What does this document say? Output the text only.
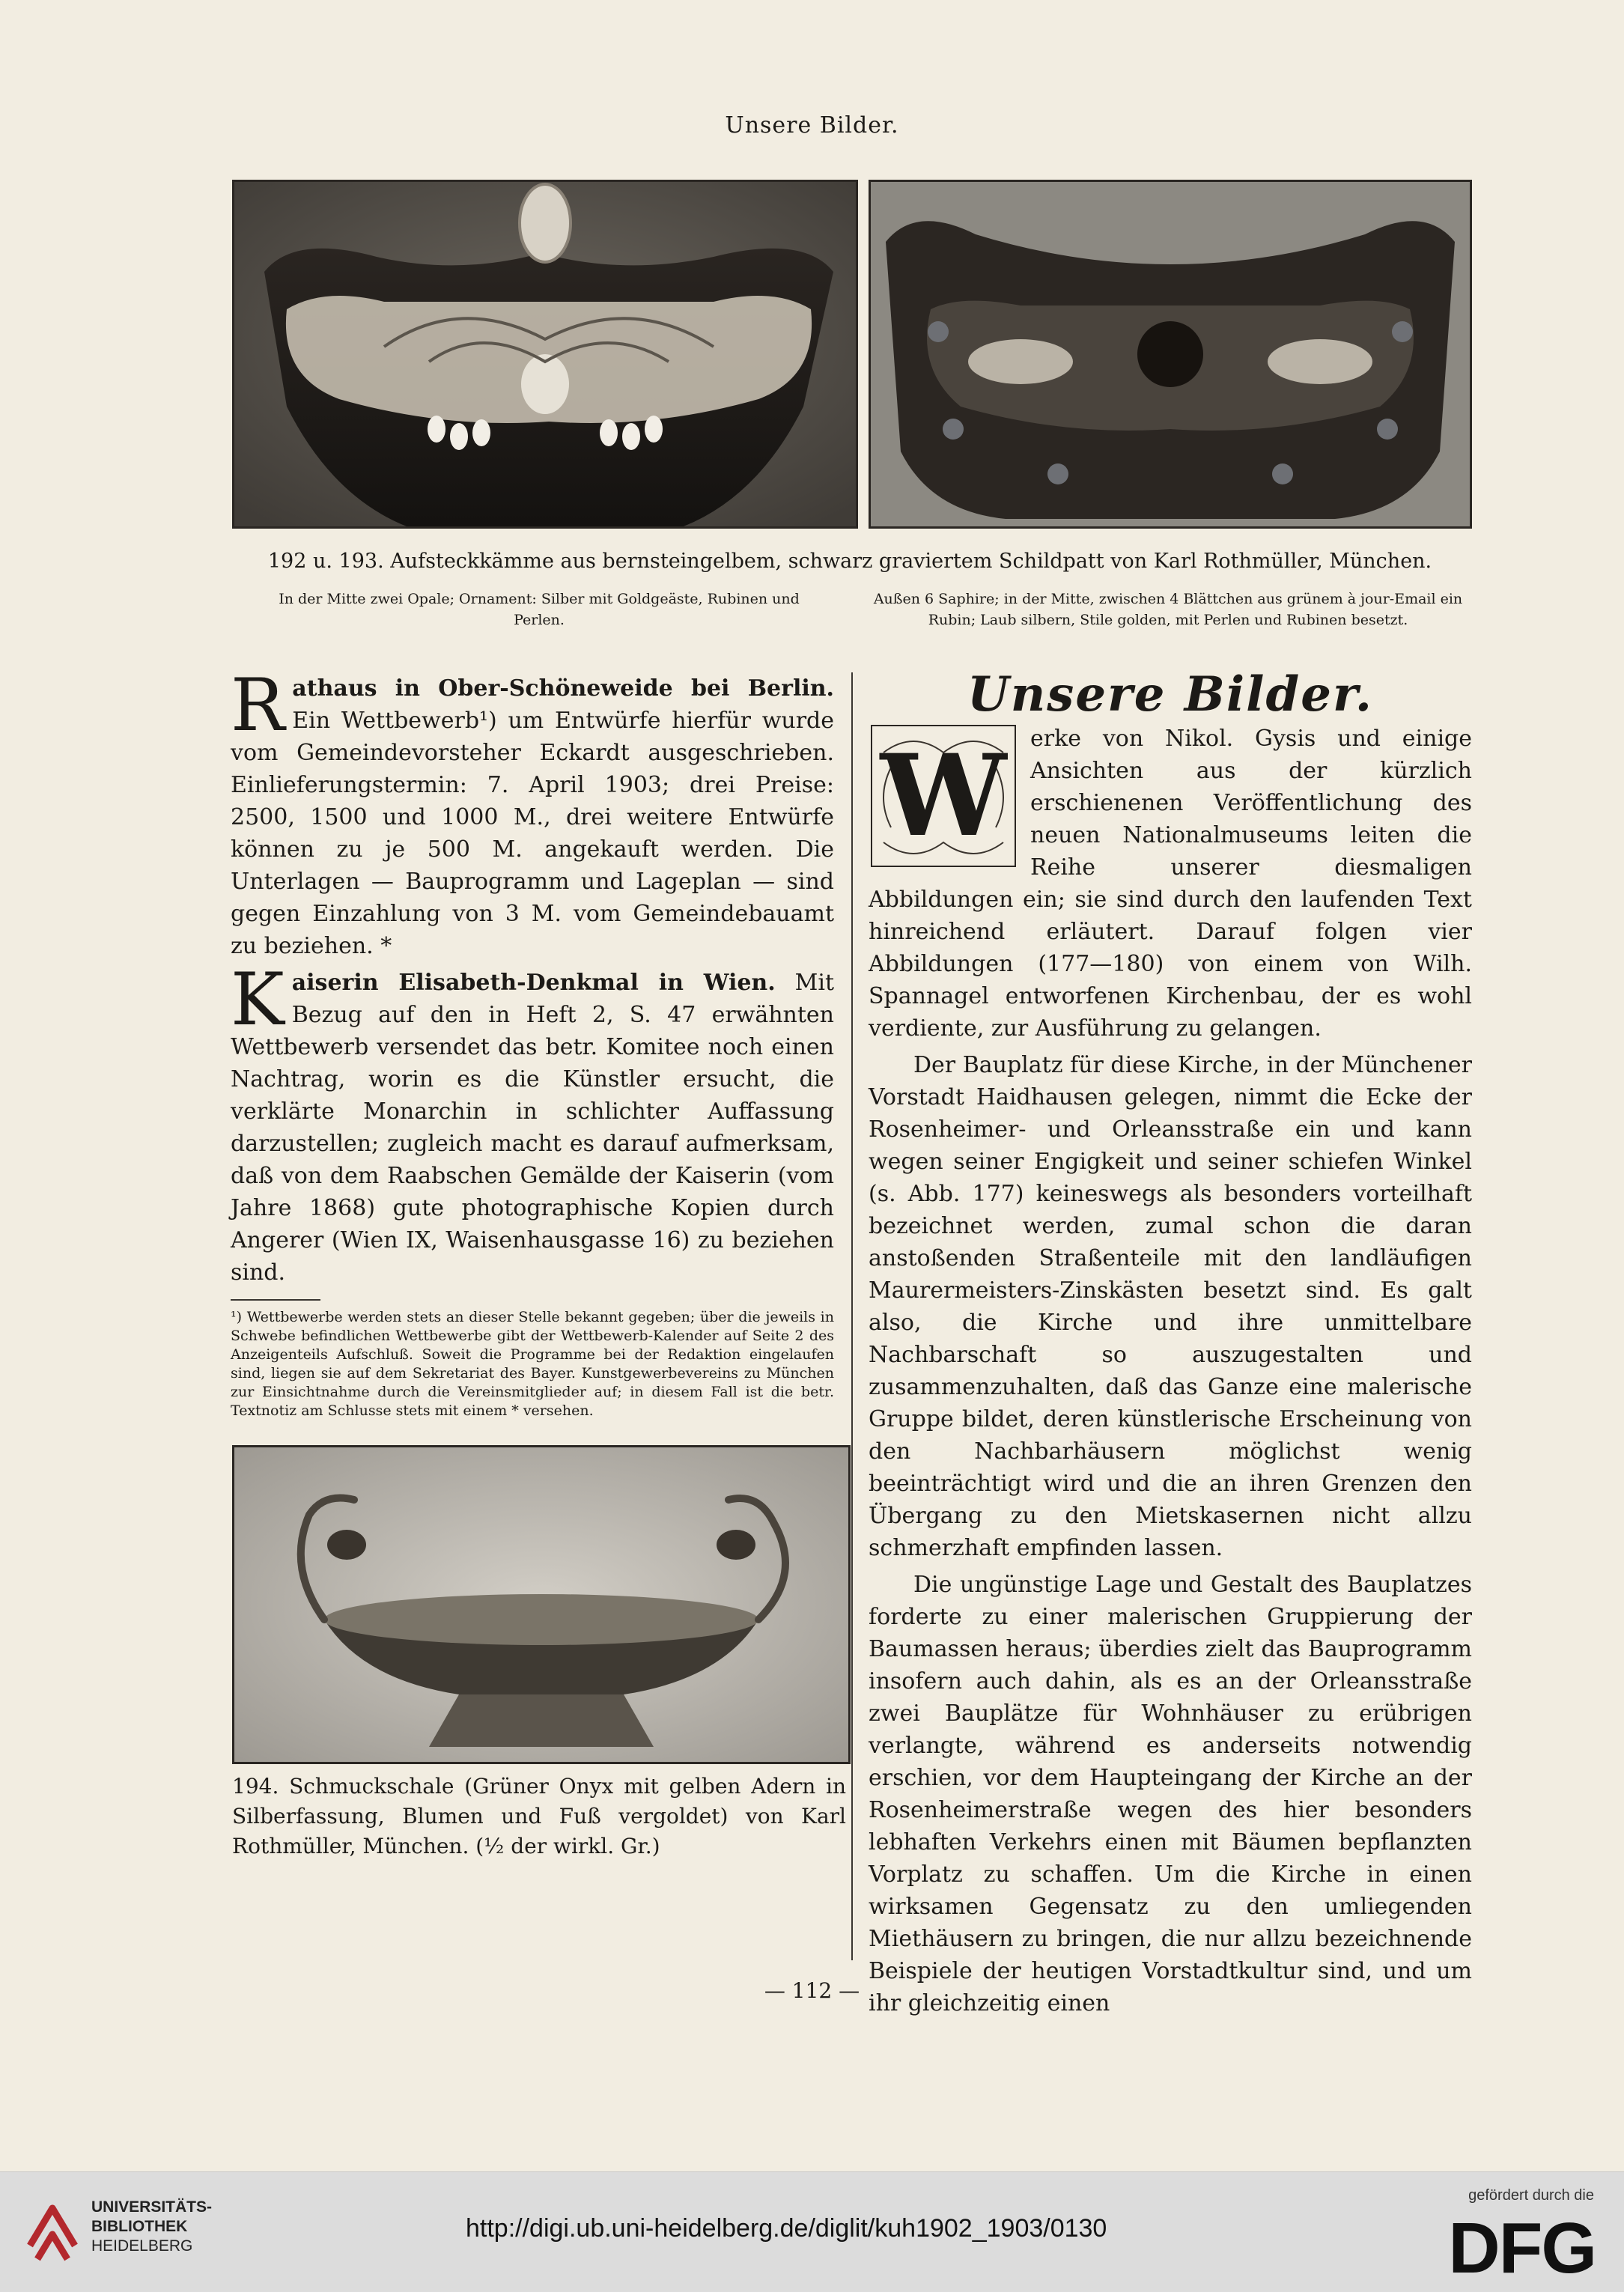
Unsere Bilder.
192 u. 193. Aufsteckkämme aus bernsteingelbem, schwarz graviertem Schildpatt von Karl Rothmüller, München.
In der Mitte zwei Opale; Ornament: Silber mit Goldgeäste, Rubinen und Perlen.
Außen 6 Saphire; in der Mitte, zwischen 4 Blättchen aus grünem à jour-Email ein Rubin; Laub silbern, Stile golden, mit Perlen und Rubinen besetzt.

Rathaus in Ober-Schöneweide bei Berlin. Ein Wettbewerb¹) um Entwürfe hierfür wurde vom Gemeindevorsteher Eckardt ausgeschrieben. Einlieferungstermin: 7. April 1903; drei Preise: 2500, 1500 und 1000 M., drei weitere Entwürfe können zu je 500 M. angekauft werden. Die Unterlagen — Bauprogramm und Lageplan — sind gegen Einzahlung von 3 M. vom Gemeindebauamt zu beziehen. *

Kaiserin Elisabeth-Denkmal in Wien. Mit Bezug auf den in Heft 2, S. 47 erwähnten Wettbewerb versendet das betr. Komitee noch einen Nachtrag, worin es die Künstler ersucht, die verklärte Monarchin in schlichter Auffassung darzustellen; zugleich macht es darauf aufmerksam, daß von dem Raabschen Gemälde der Kaiserin (vom Jahre 1868) gute photographische Kopien durch Angerer (Wien IX, Waisenhausgasse 16) zu beziehen sind.

¹) Wettbewerbe werden stets an dieser Stelle bekannt gegeben; über die jeweils in Schwebe befindlichen Wettbewerbe gibt der Wettbewerb-Kalender auf Seite 2 des Anzeigenteils Aufschluß. Soweit die Programme bei der Redaktion eingelaufen sind, liegen sie auf dem Sekretariat des Bayer. Kunstgewerbevereins zu München zur Einsichtnahme durch die Vereinsmitglieder auf; in diesem Fall ist die betr. Textnotiz am Schlusse stets mit einem * versehen.
Unsere Bilder.

W erke von Nikol. Gysis und einige Ansichten aus der kürzlich erschienenen Veröffentlichung des neuen Nationalmuseums leiten die Reihe unserer diesmaligen Abbildungen ein; sie sind durch den laufenden Text hinreichend erläutert. Darauf folgen vier Abbildungen (177—180) von einem von Wilh. Spannagel entworfenen Kirchenbau, der es wohl verdiente, zur Ausführung zu gelangen.

Der Bauplatz für diese Kirche, in der Münchener Vorstadt Haidhausen gelegen, nimmt die Ecke der Rosenheimer- und Orleansstraße ein und kann wegen seiner Engigkeit und seiner schiefen Winkel (s. Abb. 177) keineswegs als besonders vorteilhaft bezeichnet werden, zumal schon die daran anstoßenden Straßenteile mit den landläufigen Maurermeisters-Zinskästen besetzt sind. Es galt also, die Kirche und ihre unmittelbare Nachbarschaft so auszugestalten und zusammenzuhalten, daß das Ganze eine malerische Gruppe bildet, deren künstlerische Erscheinung von den Nachbarhäusern möglichst wenig beeinträchtigt wird und die an ihren Grenzen den Übergang zu den Mietskasernen nicht allzu schmerzhaft empfinden lassen.

Die ungünstige Lage und Gestalt des Bauplatzes forderte zu einer malerischen Gruppierung der Baumassen heraus; überdies zielt das Bauprogramm insofern auch dahin, als es an der Orleansstraße zwei Bauplätze für Wohnhäuser zu erübrigen verlangte, während es anderseits notwendig erschien, vor dem Haupteingang der Kirche an der Rosenheimerstraße wegen des hier besonders lebhaften Verkehrs einen mit Bäumen bepflanzten Vorplatz zu schaffen. Um die Kirche in einen wirksamen Gegensatz zu den umliegenden Miethäusern zu bringen, die nur allzu bezeichnende Beispiele der heutigen Vorstadtkultur sind, und um ihr gleichzeitig einen

194. Schmuckschale (Grüner Onyx mit gelben Adern in Silberfassung, Blumen und Fuß vergoldet) von Karl Rothmüller, München. (½ der wirkl. Gr.)
— 112 —
UNIVERSITÄTS-
BIBLIOTHEK
HEIDELBERG
http://digi.ub.uni-heidelberg.de/diglit/kuh1902_1903/0130
gefördert durch die
DFG
